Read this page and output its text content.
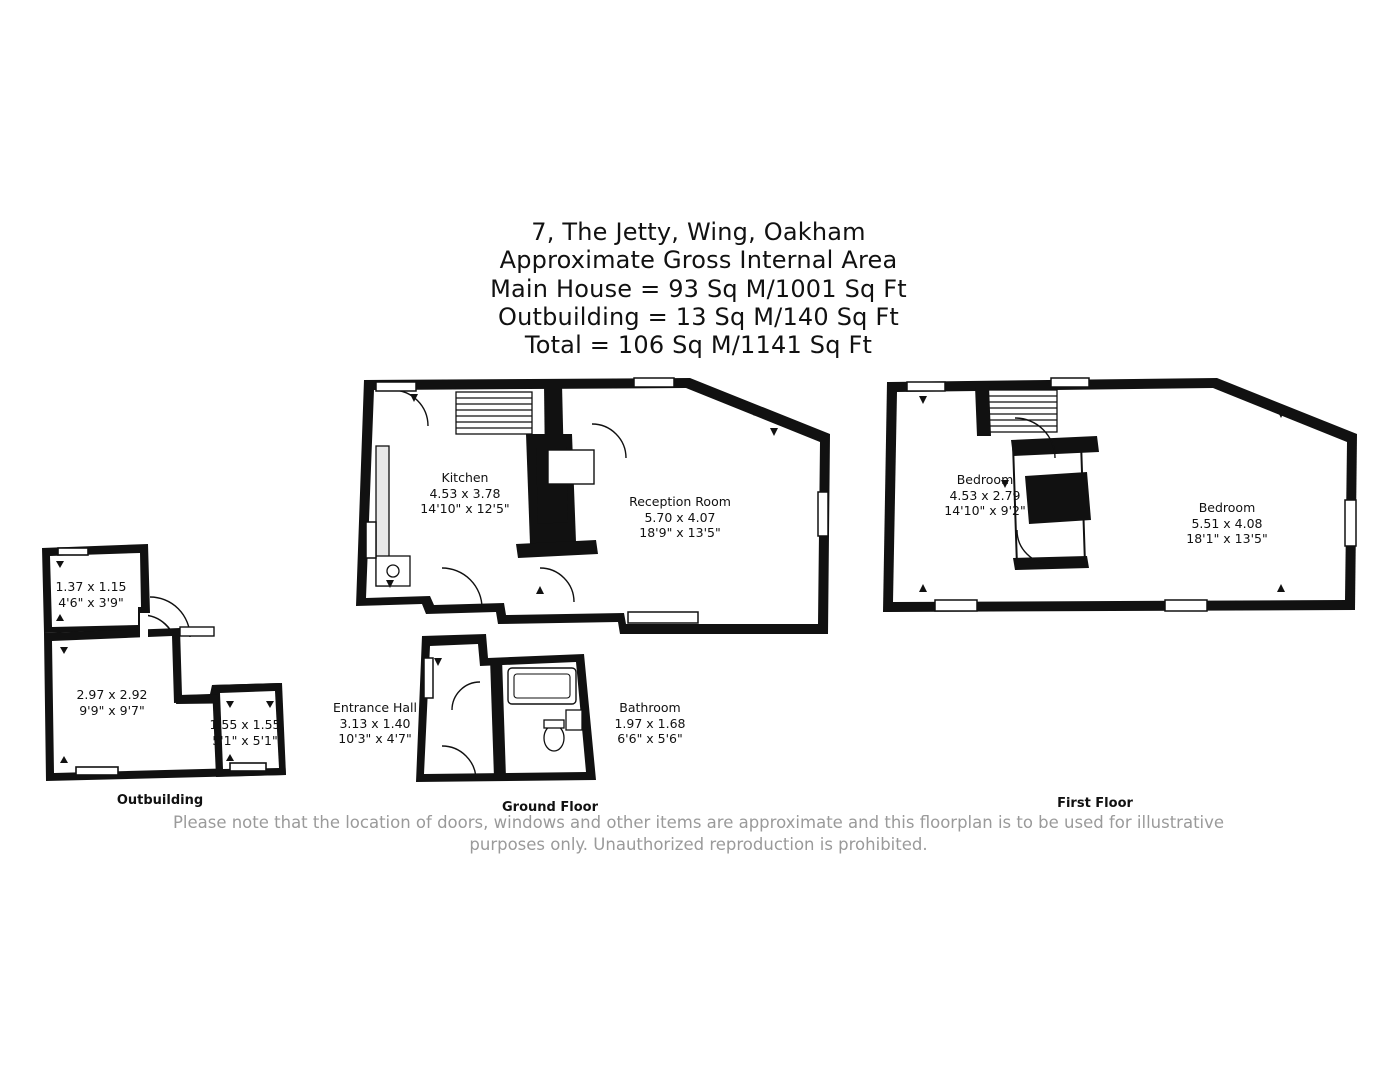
7, The Jetty, Wing, Oakham
Approximate Gross Internal Area
Main House = 93 Sq M/1001 Sq Ft
Outbuilding = 13 Sq M/140 Sq Ft
Total = 106 Sq M/1141 Sq Ft
1.37 x 1.15
4'6" x 3'9"
2.97 x 2.92
9'9" x 9'7"
1.55 x 1.55
5'1" x 5'1"
Outbuilding
Kitchen
4.53 x 3.78
14'10" x 12'5"	Reception Room
5.70 x 4.07
18'9" x 13'5"
Entrance Hall
3.13 x 1.40
10'3" x 4'7"
Bathroom
1.97 x 1.68
6'6" x 5'6"
Ground Floor
Bedroom
4.53 x 2.79
14'10" x 9'2"	Bedroom
5.51 x 4.08
18'1" x 13'5"
First Floor
Please note that the location of doors, windows and other items are approximate and this floorplan is to be used for illustrative
purposes only. Unauthorized reproduction is prohibited.
